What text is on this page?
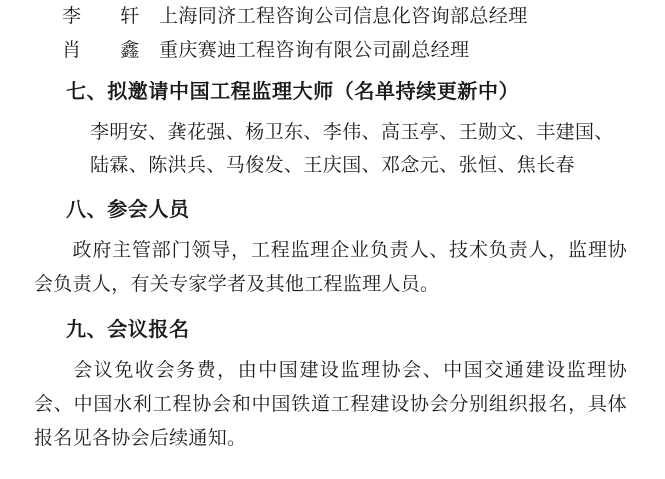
李　　轩　上海同济工程咨询公司信息化咨询部总经理
肖　　鑫　重庆赛迪工程咨询有限公司副总经理
七、拟邀请中国工程监理大师（名单持续更新中）
李明安、龚花强、杨卫东、李伟、高玉亭、王勋文、丰建国、
陆霖、陈洪兵、马俊发、王庆国、邓念元、张恒、焦长春
八、参会人员
政府主管部门领导，工程监理企业负责人、技术负责人，监理协会负责人，有关专家学者及其他工程监理人员。
九、会议报名
会议免收会务费，由中国建设监理协会、中国交通建设监理协会、中国水利工程协会和中国铁道工程建设协会分别组织报名，具体报名见各协会后续通知。
